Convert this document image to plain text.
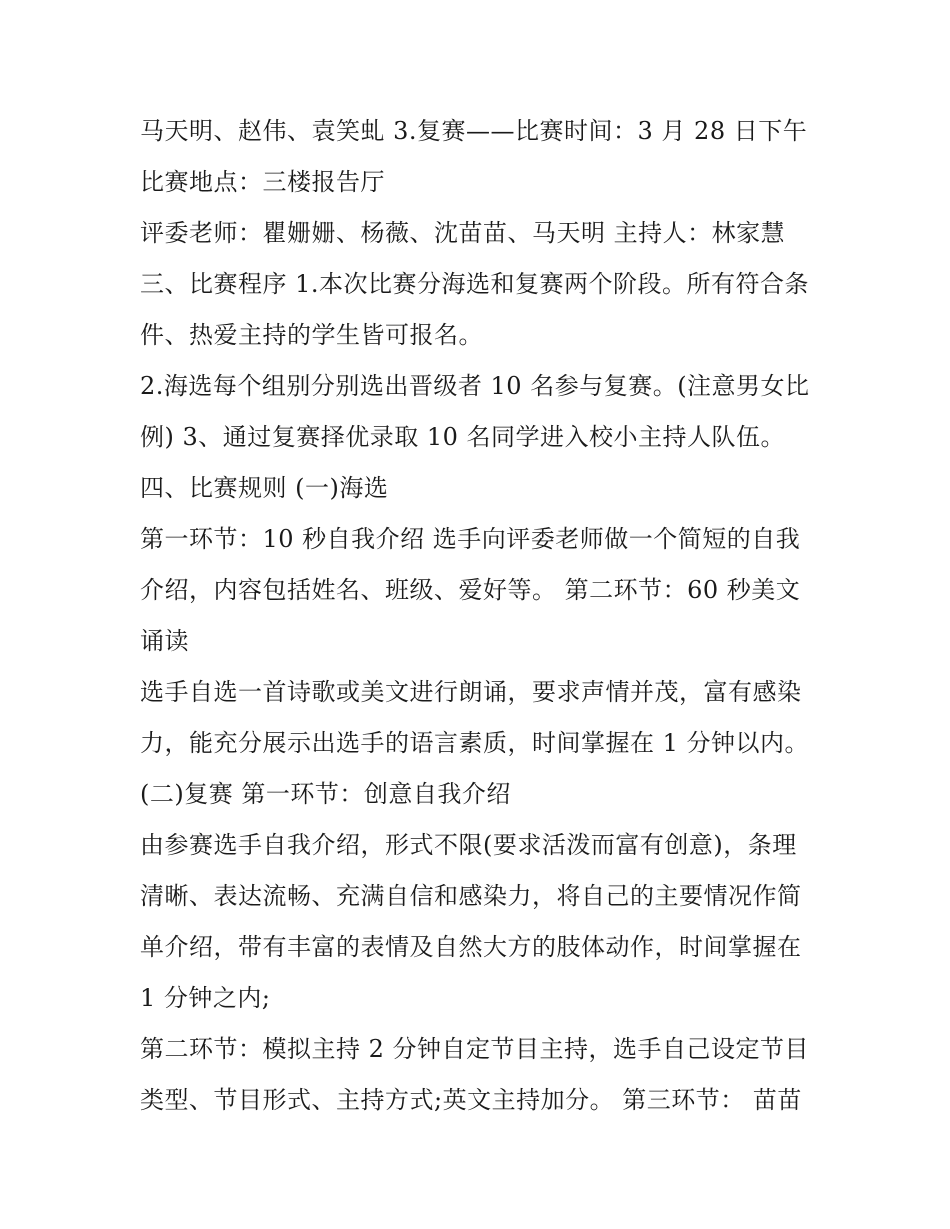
马天明、赵伟、袁笑虬 3.复赛——比赛时间：3 月 28 日下午
比赛地点：三楼报告厅
评委老师：瞿姗姗、杨薇、沈苗苗、马天明 主持人：林家慧
三、比赛程序 1.本次比赛分海选和复赛两个阶段。所有符合条
件、热爱主持的学生皆可报名。
2.海选每个组别分别选出晋级者 10 名参与复赛。(注意男女比
例) 3、通过复赛择优录取 10 名同学进入校小主持人队伍。
四、比赛规则 (一)海选
第一环节：10 秒自我介绍 选手向评委老师做一个简短的自我
介绍，内容包括姓名、班级、爱好等。 第二环节：60 秒美文
诵读
选手自选一首诗歌或美文进行朗诵，要求声情并茂，富有感染
力，能充分展示出选手的语言素质，时间掌握在 1 分钟以内。
(二)复赛 第一环节：创意自我介绍
由参赛选手自我介绍，形式不限(要求活泼而富有创意)，条理
清晰、表达流畅、充满自信和感染力，将自己的主要情况作简
单介绍，带有丰富的表情及自然大方的肢体动作，时间掌握在
1 分钟之内;
第二环节：模拟主持 2 分钟自定节目主持，选手自己设定节目
类型、节目形式、主持方式;英文主持加分。 第三环节： 苗苗
